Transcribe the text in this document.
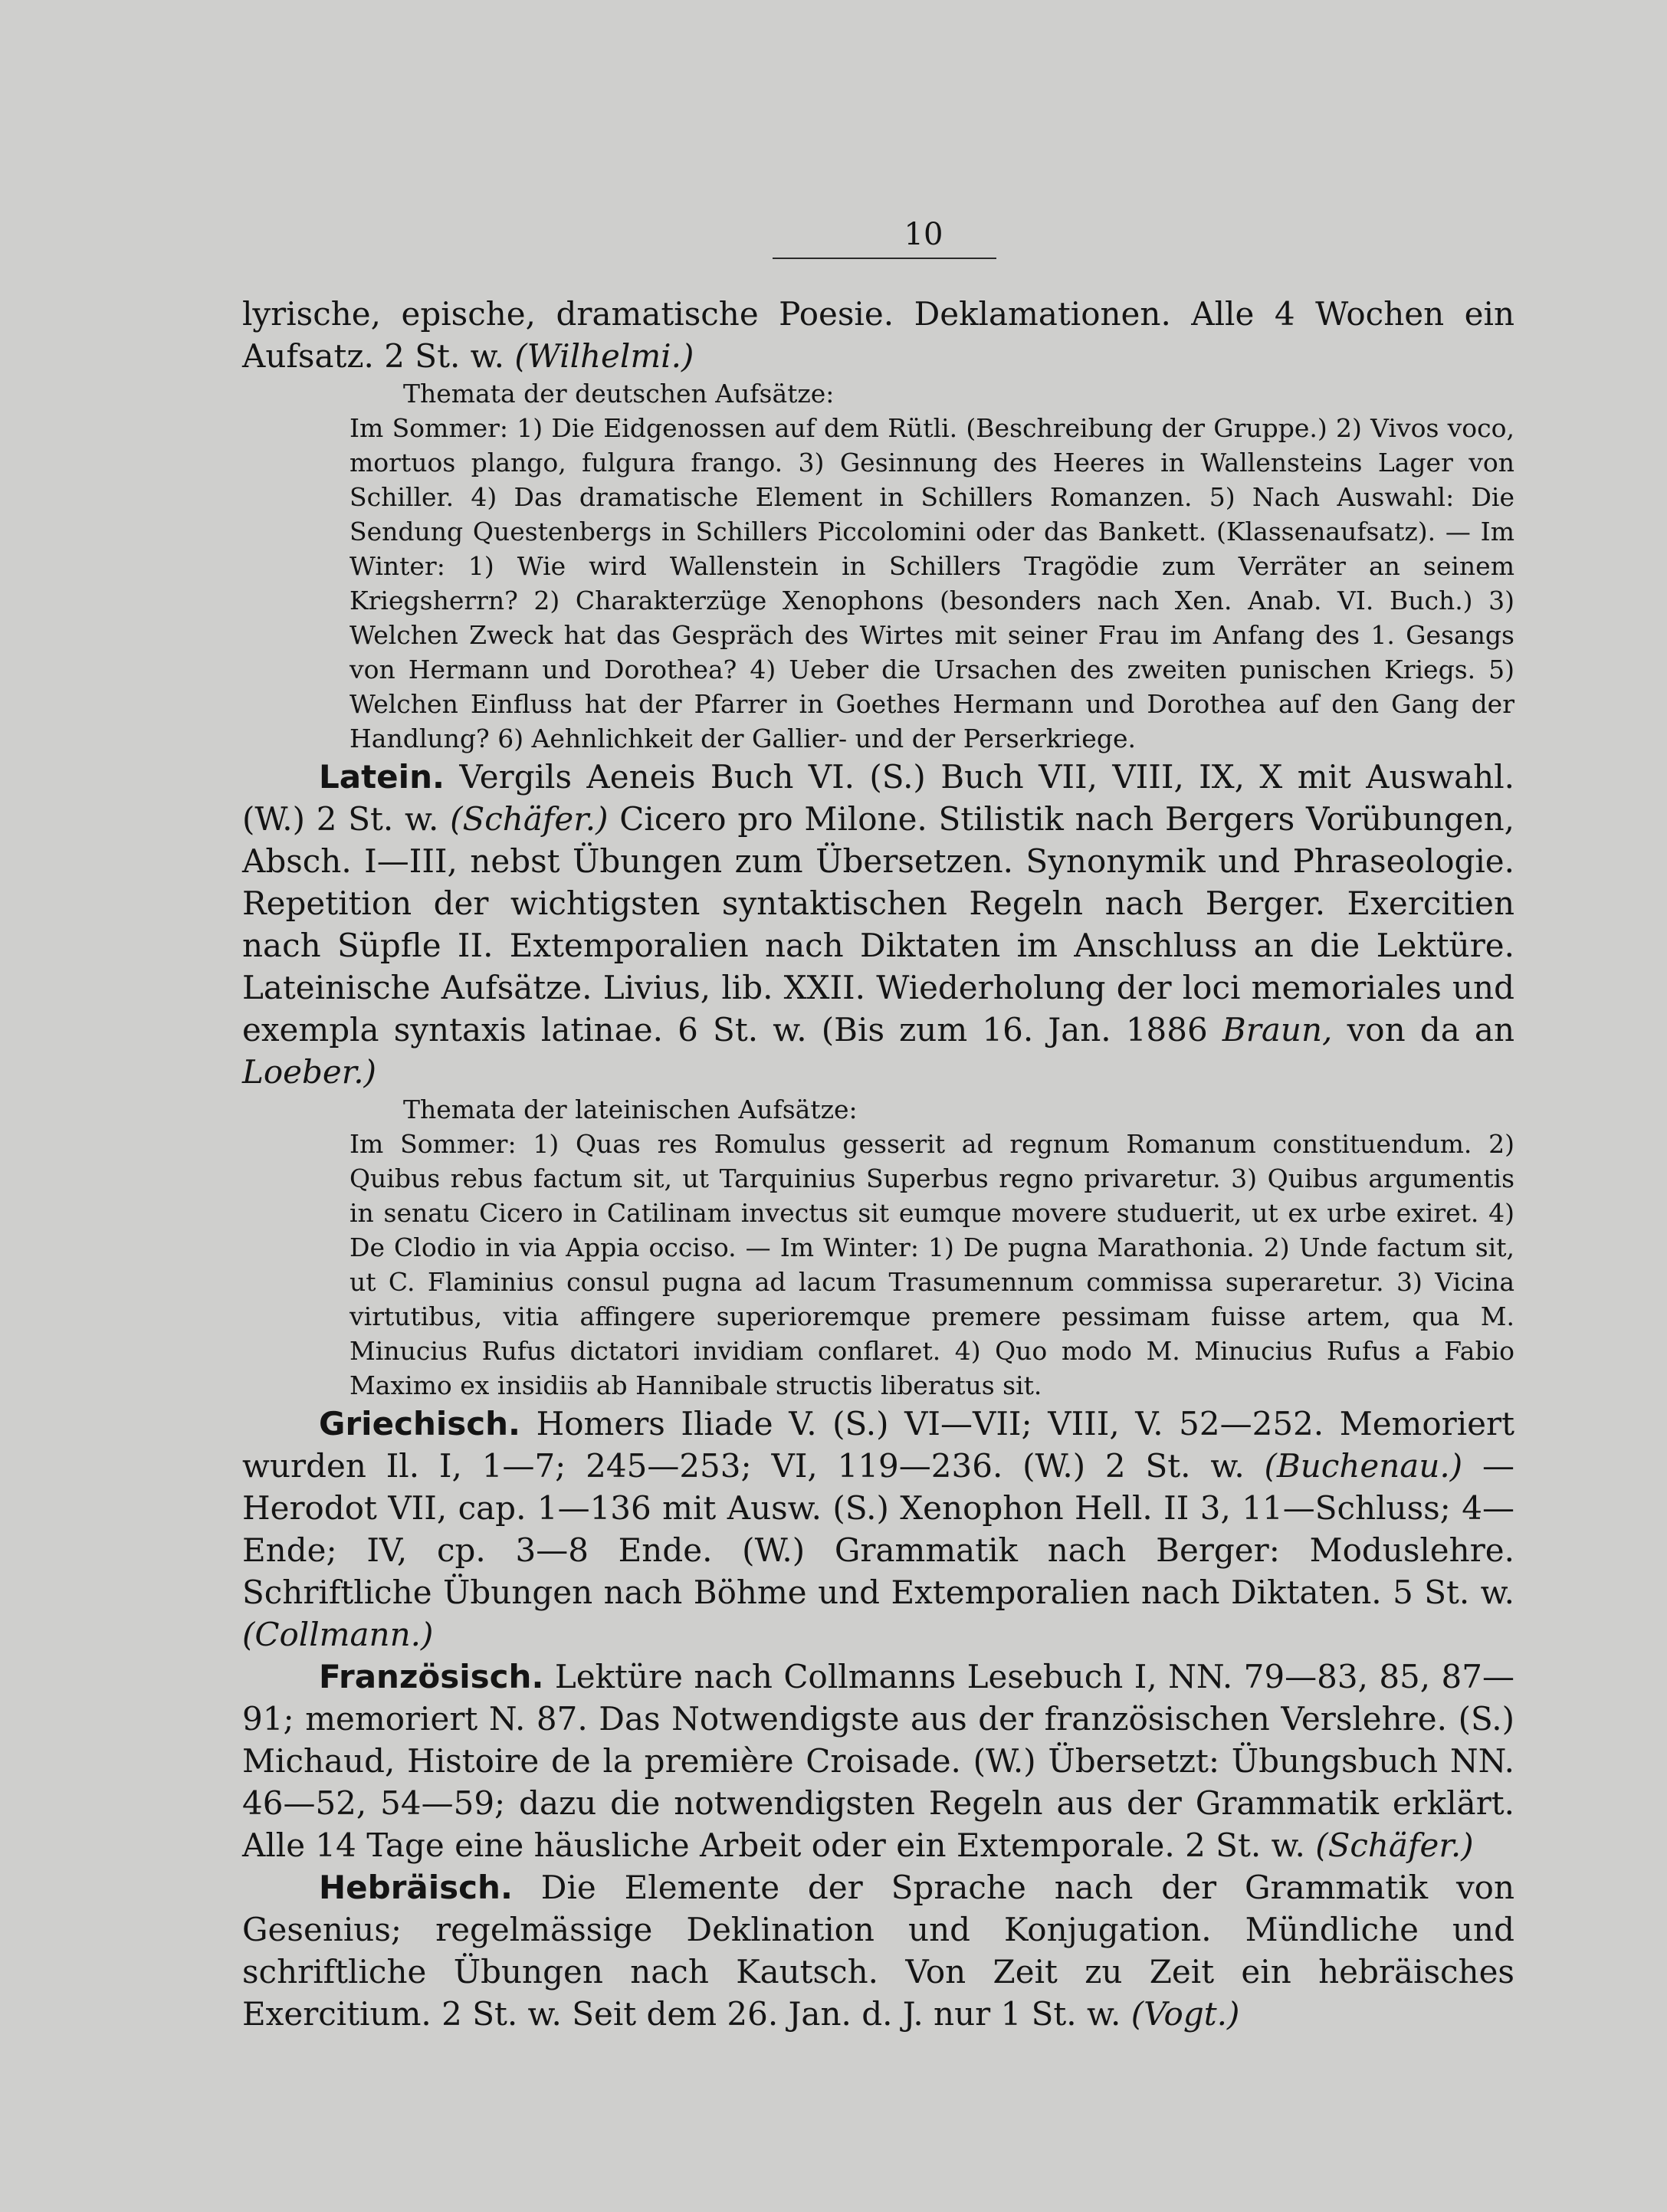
10

lyrische, epische, dramatische Poesie. Deklamationen. Alle 4 Wochen ein Aufsatz. 2 St. w. (Wilhelmi.)

Themata der deutschen Aufsätze:

Im Sommer: 1) Die Eidgenossen auf dem Rütli. (Beschreibung der Gruppe.) 2) Vivos voco, mortuos plango, fulgura frango. 3) Gesinnung des Heeres in Wallensteins Lager von Schiller. 4) Das dramatische Element in Schillers Romanzen. 5) Nach Auswahl: Die Sendung Questenbergs in Schillers Piccolomini oder das Bankett. (Klassenaufsatz). — Im Winter: 1) Wie wird Wallenstein in Schillers Tragödie zum Verräter an seinem Kriegsherrn? 2) Charakterzüge Xenophons (besonders nach Xen. Anab. VI. Buch.) 3) Welchen Zweck hat das Gespräch des Wirtes mit seiner Frau im Anfang des 1. Gesangs von Hermann und Dorothea? 4) Ueber die Ursachen des zweiten punischen Kriegs. 5) Welchen Einfluss hat der Pfarrer in Goethes Hermann und Dorothea auf den Gang der Handlung? 6) Aehnlichkeit der Gallier- und der Perserkriege.

Latein. Vergils Aeneis Buch VI. (S.) Buch VII, VIII, IX, X mit Auswahl. (W.) 2 St. w. (Schäfer.) Cicero pro Milone. Stilistik nach Bergers Vorübungen, Absch. I—III, nebst Übungen zum Übersetzen. Synonymik und Phraseologie. Repetition der wichtigsten syntaktischen Regeln nach Berger. Exercitien nach Süpfle II. Extemporalien nach Diktaten im Anschluss an die Lektüre. Lateinische Aufsätze. Livius, lib. XXII. Wiederholung der loci memoriales und exempla syntaxis latinae. 6 St. w. (Bis zum 16. Jan. 1886 Braun, von da an Loeber.)

Themata der lateinischen Aufsätze:

Im Sommer: 1) Quas res Romulus gesserit ad regnum Romanum constituendum. 2) Quibus rebus factum sit, ut Tarquinius Superbus regno privaretur. 3) Quibus argumentis in senatu Cicero in Catilinam invectus sit eumque movere studuerit, ut ex urbe exiret. 4) De Clodio in via Appia occiso. — Im Winter: 1) De pugna Marathonia. 2) Unde factum sit, ut C. Flaminius consul pugna ad lacum Trasumennum commissa superaretur. 3) Vicina virtutibus, vitia affingere superioremque premere pessimam fuisse artem, qua M. Minucius Rufus dictatori invidiam conflaret. 4) Quo modo M. Minucius Rufus a Fabio Maximo ex insidiis ab Hannibale structis liberatus sit.

Griechisch. Homers Iliade V. (S.) VI—VII; VIII, V. 52—252. Memoriert wurden Il. I, 1—7; 245—253; VI, 119—236. (W.) 2 St. w. (Buchenau.) — Herodot VII, cap. 1—136 mit Ausw. (S.) Xenophon Hell. II 3, 11—Schluss; 4—Ende; IV, cp. 3—8 Ende. (W.) Grammatik nach Berger: Moduslehre. Schriftliche Übungen nach Böhme und Extemporalien nach Diktaten. 5 St. w. (Collmann.)

Französisch. Lektüre nach Collmanns Lesebuch I, NN. 79—83, 85, 87—91; memoriert N. 87. Das Notwendigste aus der französischen Verslehre. (S.) Michaud, Histoire de la première Croisade. (W.) Übersetzt: Übungsbuch NN. 46—52, 54—59; dazu die notwendigsten Regeln aus der Grammatik erklärt. Alle 14 Tage eine häusliche Arbeit oder ein Extemporale. 2 St. w. (Schäfer.)

Hebräisch. Die Elemente der Sprache nach der Grammatik von Gesenius; regelmässige Deklination und Konjugation. Mündliche und schriftliche Übungen nach Kautsch. Von Zeit zu Zeit ein hebräisches Exercitium. 2 St. w. Seit dem 26. Jan. d. J. nur 1 St. w. (Vogt.)
